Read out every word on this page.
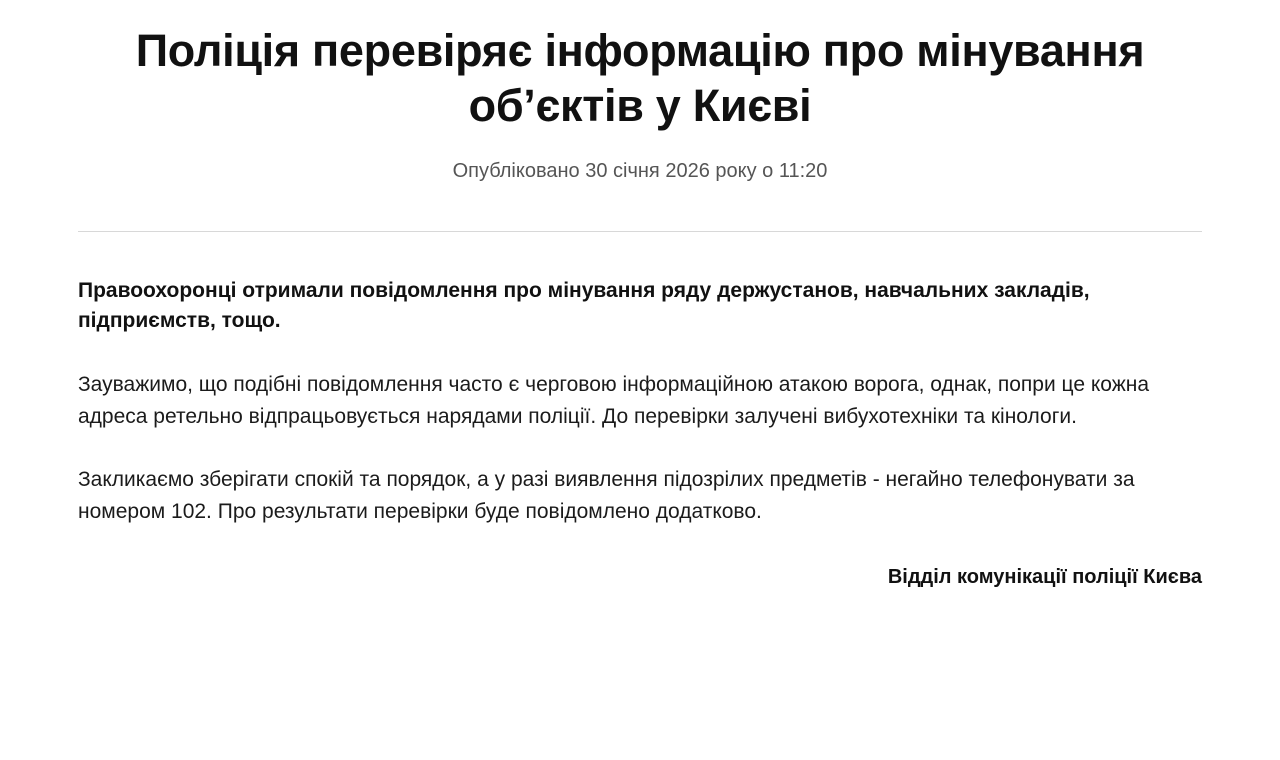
Поліція перевіряє інформацію про мінування об’єктів у Києві
Опубліковано 30 січня 2026 року о 11:20

Правоохоронці отримали повідомлення про мінування ряду держустанов, навчальних закладів, підприємств, тощо.

Зауважимо, що подібні повідомлення часто є черговою інформаційною атакою ворога, однак, попри це кожна адреса ретельно відпрацьовується нарядами поліції. До перевірки залучені вибухотехніки та кінологи.

Закликаємо зберігати спокій та порядок, а у разі виявлення підозрілих предметів - негайно телефонувати за номером 102. Про результати перевірки буде повідомлено додатково.

Відділ комунікації поліції Києва
